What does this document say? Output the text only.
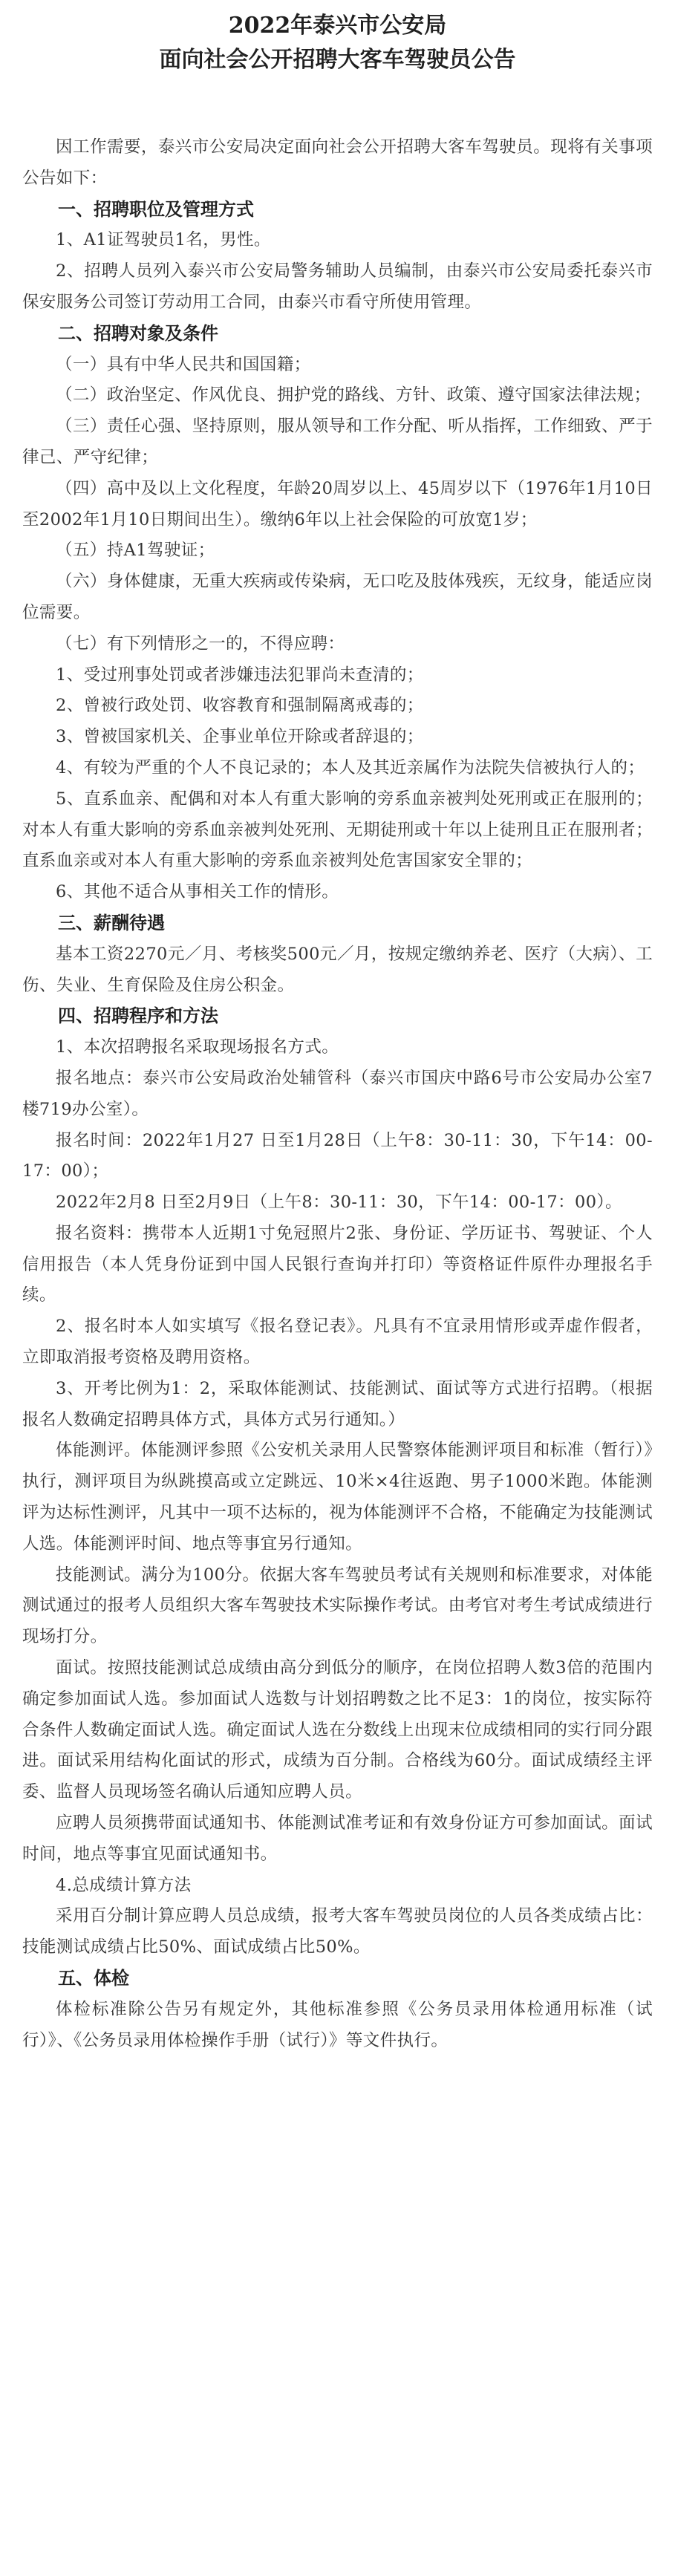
2022年泰兴市公安局
面向社会公开招聘大客车驾驶员公告

因工作需要，泰兴市公安局决定面向社会公开招聘大客车驾驶员。现将有关事项公告如下：

一、招聘职位及管理方式

1、A1证驾驶员1名，男性。

2、招聘人员列入泰兴市公安局警务辅助人员编制，由泰兴市公安局委托泰兴市保安服务公司签订劳动用工合同，由泰兴市看守所使用管理。

二、招聘对象及条件

（一）具有中华人民共和国国籍；

（二）政治坚定、作风优良、拥护党的路线、方针、政策、遵守国家法律法规；

（三）责任心强、坚持原则，服从领导和工作分配、听从指挥，工作细致、严于律己、严守纪律；

（四）高中及以上文化程度，年龄20周岁以上、45周岁以下（1976年1月10日至2002年1月10日期间出生）。缴纳6年以上社会保险的可放宽1岁；

（五）持A1驾驶证；

（六）身体健康，无重大疾病或传染病，无口吃及肢体残疾，无纹身，能适应岗位需要。

（七）有下列情形之一的，不得应聘：

1、受过刑事处罚或者涉嫌违法犯罪尚未查清的；

2、曾被行政处罚、收容教育和强制隔离戒毒的；

3、曾被国家机关、企事业单位开除或者辞退的；

4、有较为严重的个人不良记录的；本人及其近亲属作为法院失信被执行人的；

5、直系血亲、配偶和对本人有重大影响的旁系血亲被判处死刑或正在服刑的；对本人有重大影响的旁系血亲被判处死刑、无期徒刑或十年以上徒刑且正在服刑者；直系血亲或对本人有重大影响的旁系血亲被判处危害国家安全罪的；

6、其他不适合从事相关工作的情形。

三、薪酬待遇

基本工资2270元／月、考核奖500元／月，按规定缴纳养老、医疗（大病）、工伤、失业、生育保险及住房公积金。

四、招聘程序和方法

1、本次招聘报名采取现场报名方式。

报名地点：泰兴市公安局政治处辅管科（泰兴市国庆中路6号市公安局办公室7楼719办公室）。

报名时间：2022年1月27 日至1月28日（上午8：30-11：30，下午14：00-17：00）；

2022年2月8 日至2月9日（上午8：30-11：30，下午14：00-17：00）。

报名资料：携带本人近期1寸免冠照片2张、身份证、学历证书、驾驶证、个人信用报告（本人凭身份证到中国人民银行查询并打印）等资格证件原件办理报名手续。

2、报名时本人如实填写《报名登记表》。凡具有不宜录用情形或弄虚作假者，立即取消报考资格及聘用资格。

3、开考比例为1：2，采取体能测试、技能测试、面试等方式进行招聘。（根据报名人数确定招聘具体方式，具体方式另行通知。）

体能测评。体能测评参照《公安机关录用人民警察体能测评项目和标准（暂行）》执行，测评项目为纵跳摸高或立定跳远、10米×4往返跑、男子1000米跑。体能测评为达标性测评，凡其中一项不达标的，视为体能测评不合格，不能确定为技能测试人选。体能测评时间、地点等事宜另行通知。

技能测试。满分为100分。依据大客车驾驶员考试有关规则和标准要求，对体能测试通过的报考人员组织大客车驾驶技术实际操作考试。由考官对考生考试成绩进行现场打分。

面试。按照技能测试总成绩由高分到低分的顺序，在岗位招聘人数3倍的范围内确定参加面试人选。参加面试人选数与计划招聘数之比不足3：1的岗位，按实际符合条件人数确定面试人选。确定面试人选在分数线上出现末位成绩相同的实行同分跟进。面试采用结构化面试的形式，成绩为百分制。合格线为60分。面试成绩经主评委、监督人员现场签名确认后通知应聘人员。

应聘人员须携带面试通知书、体能测试准考证和有效身份证方可参加面试。面试时间，地点等事宜见面试通知书。

4.总成绩计算方法

采用百分制计算应聘人员总成绩，报考大客车驾驶员岗位的人员各类成绩占比：技能测试成绩占比50%、面试成绩占比50%。

五、体检

体检标准除公告另有规定外，其他标准参照《公务员录用体检通用标准（试行）》、《公务员录用体检操作手册（试行）》等文件执行。
